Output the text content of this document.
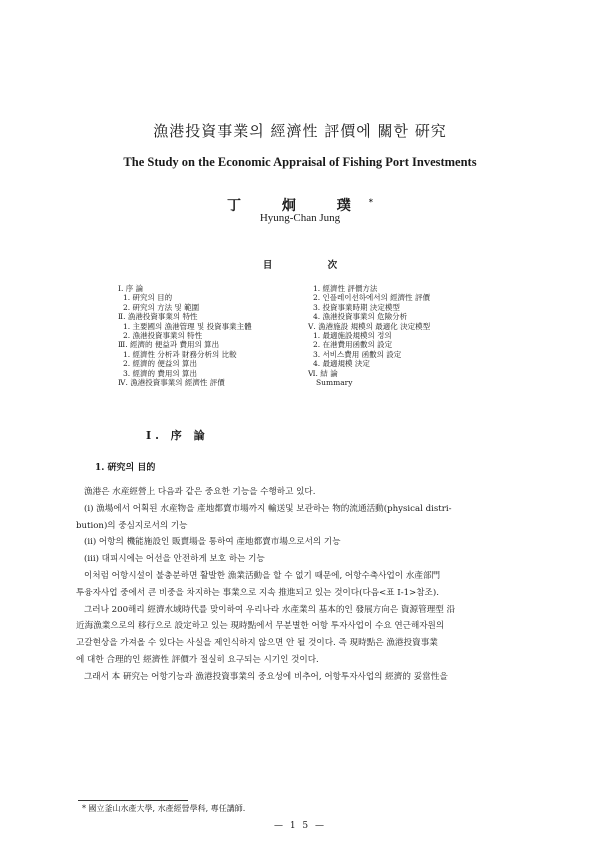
漁港投資事業의 經濟性 評價에 關한 硏究
The Study on the Economic Appraisal of Fishing Port Investments
丁 炯 璞*
Hyung-Chan Jung
目 次
I. 序 論
1. 硏究의 目的
2. 硏究의 方法 및 範圍
Ⅱ. 漁港投資事業의 特性
1. 主要國의 漁港管理 및 投資事業主體
2. 漁港投資事業의 特性
Ⅲ. 經濟的 便益과 費用의 算出
1. 經濟性 分析과 財務分析의 比較
2. 經濟的 便益의 算出
3. 經濟的 費用의 算出
Ⅳ. 漁港投資事業의 經濟性 評價
1. 經濟性 評價方法
2. 인플레이션하에서의 經濟性 評價
3. 投資事業時期 決定模型
4. 漁港投資事業의 危險分析
Ⅴ. 漁港施設 規模의 最適化 決定模型
1. 最適施設規模의 정의
2. 在港費用函數의 設定
3. 서비스費用 函數의 設定
4. 最適規模 決定
Ⅵ. 結 論
Summary
I. 序 論
1. 硏究의 目的
漁港은 水産經營上 다음과 같은 중요한 기능을 수행하고 있다.
(i) 漁場에서 어획된 水産物을 產地都賣市場까지 輸送및 보관하는 物的流通活動(physical distri-
bution)의 중심지로서의 기능
(ii) 어항의 機能施設인 販賣場을 통하여 產地都賣市場으로서의 기능
(iii) 대피시에는 어선을 안전하게 보호 하는 기능
이처럼 어항시설이 불충분하면 활발한 漁業活動을 할 수 없기 때문에, 어항수축사업이 水產部門
투융자사업 중에서 큰 비중을 차지하는 事業으로 지속 推進되고 있는 것이다(다음<표 I-1>참조).
그러나 200해리 經濟水域時代를 맞이하여 우리나라 水產業의 基本的인 發展方向은 資源管理型 沿
近海漁業으로의 移行으로 設定하고 있는 現時點에서 무분별한 어항 투자사업이 수요 연근해자원의
고갈현상을 가져올 수 있다는 사실을 제인식하지 않으면 안 될 것이다. 즉 現時點은 漁港投資事業
에 대한 合理的인 經濟性 評價가 절실히 요구되는 시기인 것이다.
그래서 本 硏究는 어항기능과 漁港投資事業의 중요성에 비추어, 어항투자사업의 經濟的 妥當性을
* 國立釜山水產大學, 水產經營學科, 專任講師.
— 1 5 —
